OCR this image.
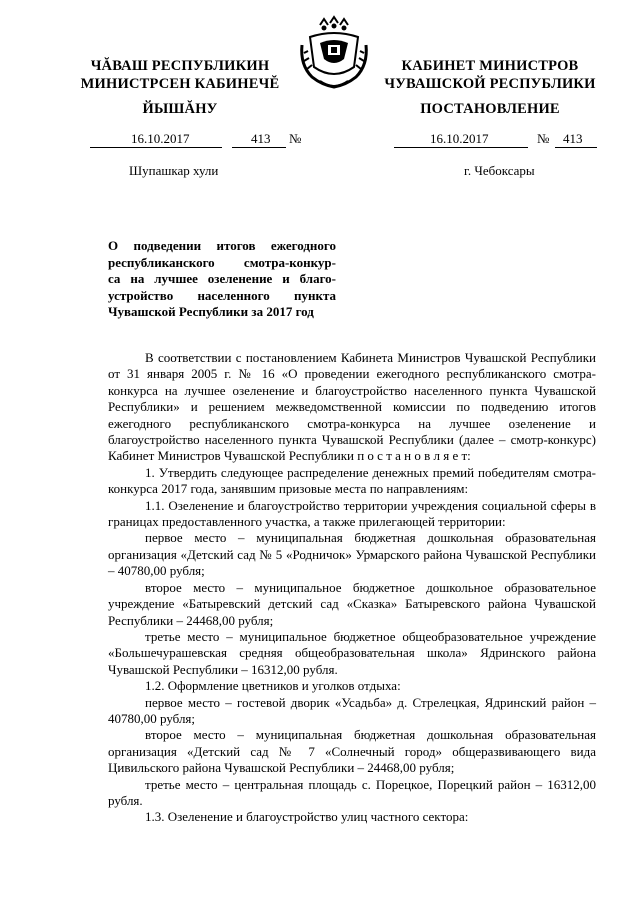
ЧĂВАШ РЕСПУБЛИКИН
МИНИСТРСЕН КАБИНЕЧĔ
ЙЫШĂНУ
КАБИНЕТ МИНИСТРОВ
ЧУВАШСКОЙ РЕСПУБЛИКИ
ПОСТАНОВЛЕНИЕ
16.10.2017	413 №	16.10.2017	№ 413
Шупашкар хули	г. Чебоксары
О подведении итогов ежегодного
республиканского смотра-конкур-
са на лучшее озеленение и благо-
устройство населенного пункта
Чувашской Республики за 2017 год

В соответствии с постановлением Кабинета Министров Чувашской Республики от 31 января 2005 г. № 16 «О проведении ежегодного республиканского смотра-конкурса на лучшее озеленение и благоустройство населенного пункта Чувашской Республики» и решением межведомственной комиссии по подведению итогов ежегодного республиканского смотра-конкурса на лучшее озеленение и благоустройство населенного пункта Чувашской Республики (далее – смотр-конкурс) Кабинет Министров Чувашской Республики п о с т а н о в л я е т:

1. Утвердить следующее распределение денежных премий победителям смотра-конкурса 2017 года, занявшим призовые места по направлениям:

1.1. Озеленение и благоустройство территории учреждения социальной сферы в границах предоставленного участка, а также прилегающей территории:

первое место – муниципальная бюджетная дошкольная образовательная организация «Детский сад № 5 «Родничок» Урмарского района Чувашской Республики – 40780,00 рубля;

второе место – муниципальное бюджетное дошкольное образовательное учреждение «Батыревский детский сад «Сказка» Батыревского района Чувашской Республики – 24468,00 рубля;

третье место – муниципальное бюджетное общеобразовательное учреждение «Большечурашевская средняя общеобразовательная школа» Ядринского района Чувашской Республики – 16312,00 рубля.

1.2. Оформление цветников и уголков отдыха:

первое место – гостевой дворик «Усадьба» д. Стрелецкая, Ядринский район – 40780,00 рубля;

второе место – муниципальная бюджетная дошкольная образовательная организация «Детский сад № 7 «Солнечный город» общеразвивающего вида Цивильского района Чувашской Республики – 24468,00 рубля;

третье место – центральная площадь с. Порецкое, Порецкий район – 16312,00 рубля.

1.3. Озеленение и благоустройство улиц частного сектора:
